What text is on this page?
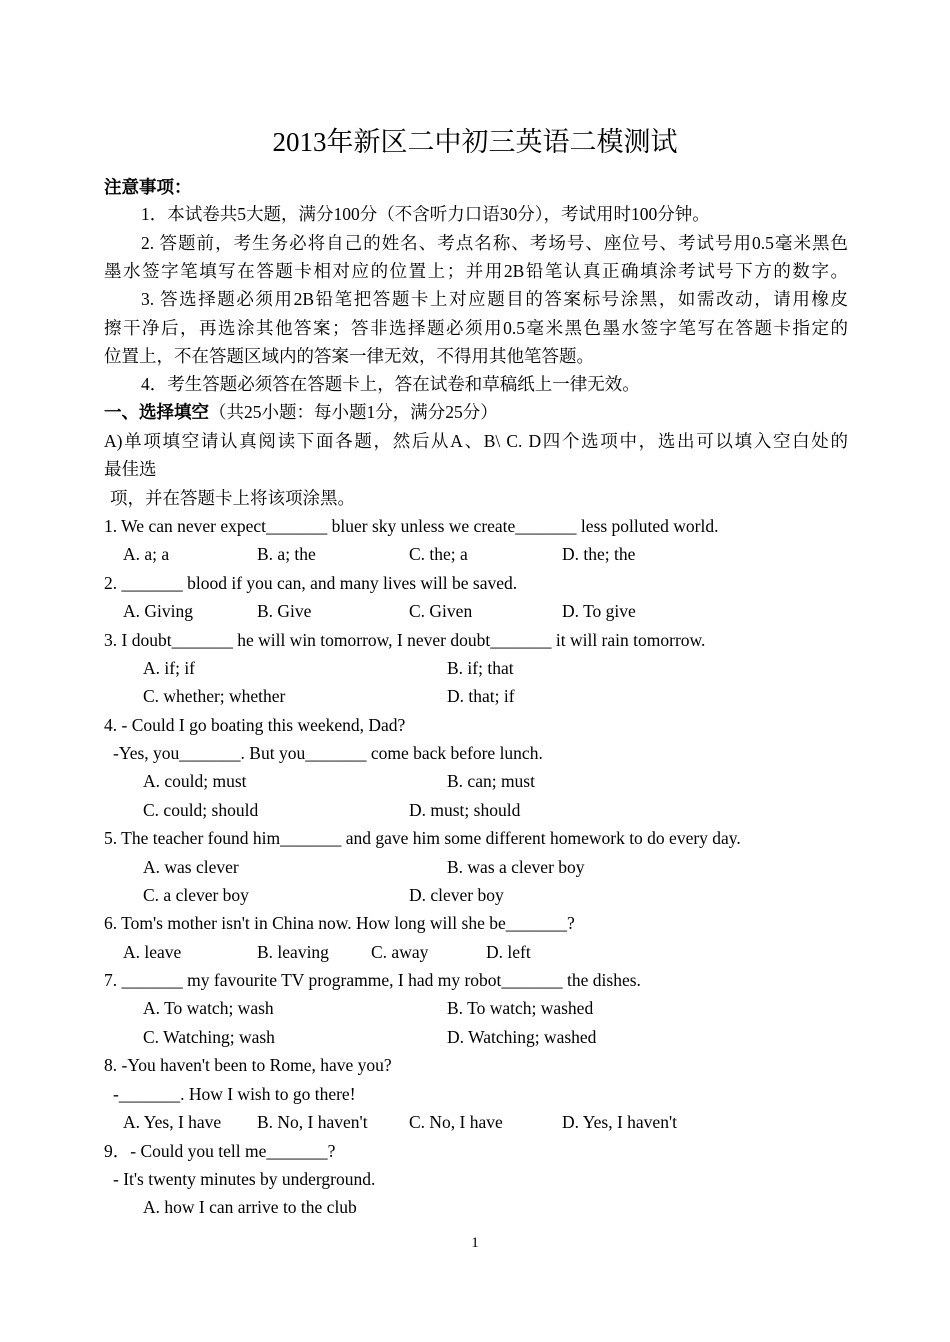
2013年新区二中初三英语二模测试
注意事项：
1．本试卷共5大题，满分100分（不含听力口语30分），考试用时100分钟。
2. 答题前，考生务必将自己的姓名、考点名称、考场号、座位号、考试号用0.5毫米黑色
墨水签字笔填写在答题卡相对应的位置上；并用2B铅笔认真正确填涂考试号下方的数字。
3. 答选择题必须用2B铅笔把答题卡上对应题目的答案标号涂黑，如需改动，请用橡皮
擦干净后，再选涂其他答案；答非选择题必须用0.5毫米黑色墨水签字笔写在答题卡指定的
位置上，不在答题区域内的答案一律无效，不得用其他笔答题。
4．考生答题必须答在答题卡上，答在试卷和草稿纸上一律无效。
一、选择填空（共25小题：每小题1分，满分25分）
A)单项填空请认真阅读下面各题，然后从A、B\ C. D四个选项中，选出可以填入空白处的
最佳选
项，并在答题卡上将该项涂黑。
1. We can never expect_______ bluer sky unless we create_______ less polluted world.
A. a; a	B. a; the	C. the; a	D. the; the
2. _______ blood if you can, and many lives will be saved.
A. Giving	B. Give	C. Given	D. To give
3. I doubt_______ he will win tomorrow, I never doubt_______ it will rain tomorrow.
A. if; if	B. if; that
C. whether; whether	D. that; if
4. - Could I go boating this weekend, Dad?
-Yes, you_______. But you_______ come back before lunch.
A. could; must	B. can; must
C. could; should	D. must; should
5. The teacher found him_______ and gave him some different homework to do every day.
A. was clever	B. was a clever boy
C. a clever boy	D. clever boy
6. Tom's mother isn't in China now. How long will she be_______?
A. leave	B. leaving C. away	D. left
7. _______ my favourite TV programme, I had my robot_______ the dishes.
A. To watch; wash	B. To watch; washed
C. Watching; wash	D. Watching; washed
8. -You haven't been to Rome, have you?
-_______. How I wish to go there!
A. Yes, I have B. No, I haven't C. No, I have	D. Yes, I haven't
9．- Could you tell me_______?
- It's twenty minutes by underground.
A. how I can arrive to the club
1
